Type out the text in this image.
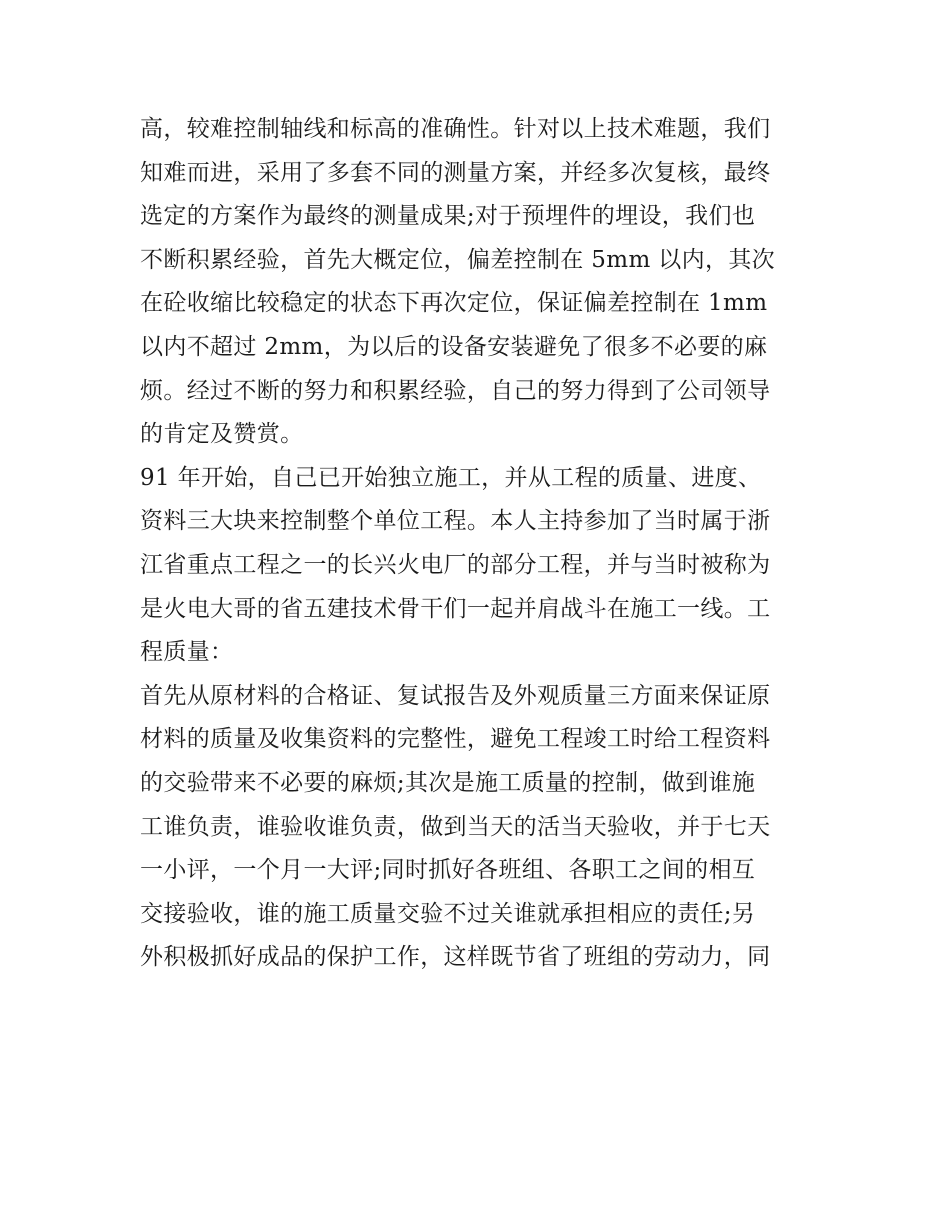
高，较难控制轴线和标高的准确性。针对以上技术难题，我们
知难而进，采用了多套不同的测量方案，并经多次复核，最终
选定的方案作为最终的测量成果;对于预埋件的埋设，我们也
不断积累经验，首先大概定位，偏差控制在 5mm 以内，其次
在砼收缩比较稳定的状态下再次定位，保证偏差控制在 1mm
以内不超过 2mm，为以后的设备安装避免了很多不必要的麻
烦。经过不断的努力和积累经验，自己的努力得到了公司领导
的肯定及赞赏。
91 年开始，自己已开始独立施工，并从工程的质量、进度、
资料三大块来控制整个单位工程。本人主持参加了当时属于浙
江省重点工程之一的长兴火电厂的部分工程，并与当时被称为
是火电大哥的省五建技术骨干们一起并肩战斗在施工一线。工
程质量：
首先从原材料的合格证、复试报告及外观质量三方面来保证原
材料的质量及收集资料的完整性，避免工程竣工时给工程资料
的交验带来不必要的麻烦;其次是施工质量的控制，做到谁施
工谁负责，谁验收谁负责，做到当天的活当天验收，并于七天
一小评，一个月一大评;同时抓好各班组、各职工之间的相互
交接验收，谁的施工质量交验不过关谁就承担相应的责任;另
外积极抓好成品的保护工作，这样既节省了班组的劳动力，同
